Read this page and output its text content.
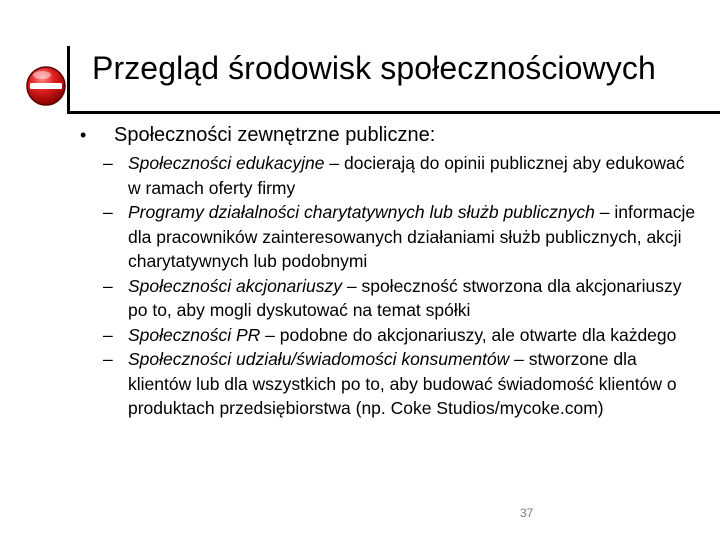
Przegląd środowisk społecznościowych
• Społeczności zewnętrzne publiczne:
– Społeczności edukacyjne – docierają do opinii publicznej aby edukować w ramach oferty firmy
– Programy działalności charytatywnych lub służb publicznych – informacje dla pracowników zainteresowanych działaniami służb publicznych, akcji charytatywnych lub podobnymi
– Społeczności akcjonariuszy – społeczność stworzona dla akcjonariuszy po to, aby mogli dyskutować na temat spółki
– Społeczności PR – podobne do akcjonariuszy, ale otwarte dla każdego
– Społeczności udziału/świadomości konsumentów – stworzone dla klientów lub dla wszystkich po to, aby budować świadomość klientów o produktach przedsiębiorstwa (np. Coke Studios/mycoke.com)
37
